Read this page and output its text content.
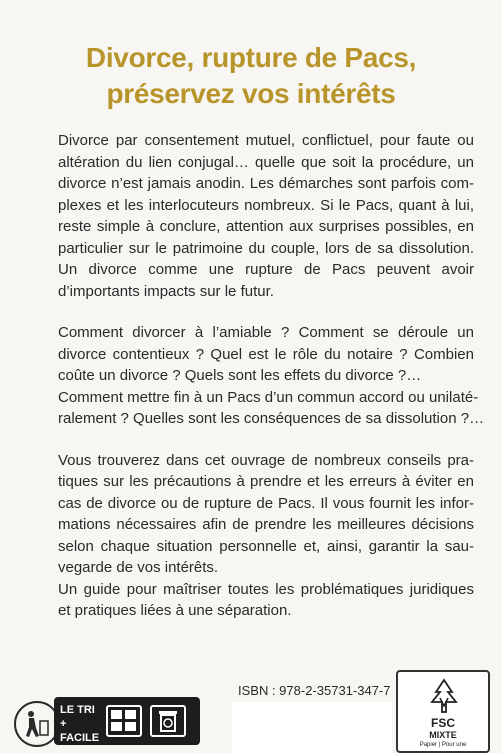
Divorce, rupture de Pacs,
préservez vos intérêts
Divorce par consentement mutuel, conflictuel, pour faute ou
altération du lien conjugal… quelle que soit la procédure, un
divorce n’est jamais anodin. Les démarches sont parfois com-
plexes et les interlocuteurs nombreux. Si le Pacs, quant à lui,
reste simple à conclure, attention aux surprises possibles, en
particulier sur le patrimoine du couple, lors de sa dissolution.
Un divorce comme une rupture de Pacs peuvent avoir
d’importants impacts sur le futur.
Comment divorcer à l’amiable ? Comment se déroule un
divorce contentieux ? Quel est le rôle du notaire ? Combien
coûte un divorce ? Quels sont les effets du divorce ?…
Comment mettre fin à un Pacs d’un commun accord ou unilaté-
ralement ? Quelles sont les conséquences de sa dissolution ?…
Vous trouverez dans cet ouvrage de nombreux conseils pra-
tiques sur les précautions à prendre et les erreurs à éviter en
cas de divorce ou de rupture de Pacs. Il vous fournit les infor-
mations nécessaires afin de prendre les meilleures décisions
selon chaque situation personnelle et, ainsi, garantir la sau-
vegarde de vos intérêts.
Un guide pour maîtriser toutes les problématiques juridiques
et pratiques liées à une séparation.
LE TRI
+ FACILE
ISBN : 978-2-35731-347-7
FSC
MIXTE
Papier | Pour une
